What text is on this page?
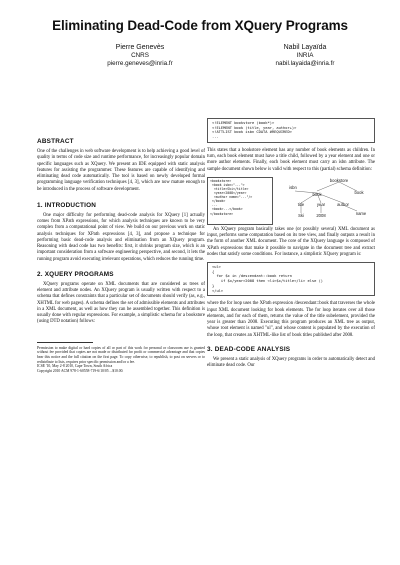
Eliminating Dead-Code from XQuery Programs
Pierre Genevès
CNRS
pierre.geneves@inria.fr
Nabil Layaïda
INRIA
nabil.layaida@inria.fr
ABSTRACT
One of the challenges in web software development is to help achieving a good level of quality in terms of code size and runtime performance, for increasingly popular domain specific languages such as XQuery. We present an IDE equipped with static analysis features for assisting the programmer. These features are capable of identifying and eliminating dead code automatically. The tool is based on newly developed formal programming language verification techniques [4, 3], which are now mature enough to be introduced in the process of software development.
1. INTRODUCTION
One major difficulty for performing dead-code analysis for XQuery [1] actually comes from XPath expressions, for which analysis techniques are known to be very complex from a computational point of view. We build on our previous work on static analysis techniques for XPath expressions [4, 3], and propose a technique for performing basic dead-code analysis and elimination from an XQuery program. Reasoning with dead code has two benefits: first, it shrinks program size, which is an important consideration from a software engineering perspective, and second, it lets the running program avoid executing irrelevant operations, which reduces the running time.
2. XQUERY PROGRAMS
XQuery programs operate on XML documents that are considered as trees of element and attribute nodes. An XQuery program is usually written with respect to a schema that defines constraints that a particular set of documents should verify (as, e.g., XHTML for web pages). A schema defines the set of admissible elements and attributes in a XML document, as well as how they can be assembled together. This definition is usually done with regular expressions. For example, a simplistic schema for a bookstore (using DTD notation) follows:
Permission to make digital or hard copies of all or part of this work for personal or classroom use is granted without fee provided that copies are not made or distributed for profit or commercial advantage and that copies bear this notice and the full citation on the first page. To copy otherwise, to republish, to post on servers or to redistribute to lists, requires prior specific permission and/or a fee.
ICSE '10, May 2-8 2010, Cape Town, South Africa
Copyright 2010 ACM 978-1-60558-719-6/10/05 ...$10.00.
<!ELEMENT bookstore (book*)>
<!ELEMENT book (title, year, author+)>
<!ATTLIST book isbn CDATA #REQUIRED>
...
This states that a bookstore element has any number of book elements as children. In turn, each book element must have a title child, followed by a year element and one or more author elements. Finally, each book element must carry an isbn attribute. The sample document shown below is valid with respect to this (partial) schema definition:
<bookstore>
<book isbn="...">
<title>Ski</title>
<year>2008</year>
<author name="..."/>
</book>
...
<book>...</book>
</bookstore>
bookstore
isbn
book	book
title	year	author
Ski	2008	name
An XQuery program basically takes one (or possibly several) XML document as input, performs some computation based on its tree view, and finally outputs a result in the form of another XML document. The core of the XQuery language is composed of XPath expressions that make it possible to navigate in the document tree and extract nodes that satisfy some conditions. For instance, a simplistic XQuery program is:
<ul>
{
for $x in /descendant::book return
if $x/year>2008 then <li>$x/title</li> else ()
}
</ul>
where the for loop uses the XPath expression /descendant::book that traverses the whole input XML document looking for book elements. The for loop iterates over all those elements, and for each of them, returns the value of the title subelement, provided the year is greater than 2008. Executing this program produces an XML tree as output, whose root element is named "ul", and whose content is populated by the execution of the loop, that creates an XHTML-like list of book titles published after 2008.
3. DEAD-CODE ANALYSIS
We present a static analysis of XQuery programs in order to automatically detect and eliminate dead code. Our
